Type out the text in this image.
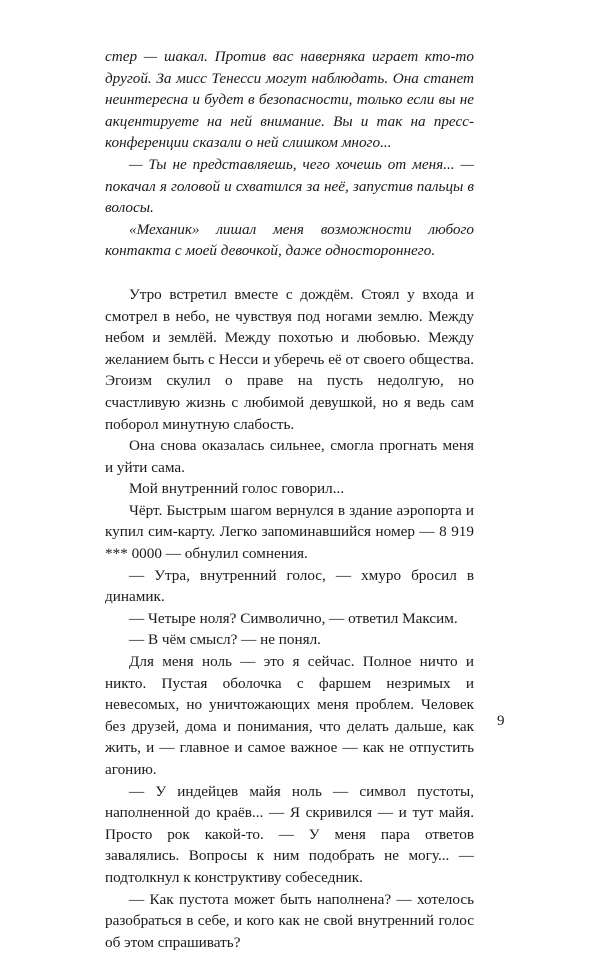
стер — шакал. Против вас наверняка играет кто-то другой. За мисс Тенесси могут наблюдать. Она станет неинтересна и будет в безопасности, только если вы не акцентируете на ней внимание. Вы и так на пресс-конференции сказали о ней слишком много...

— Ты не представляешь, чего хочешь от меня... — покачал я головой и схватился за неё, запустив пальцы в волосы.

«Механик» лишал меня возможности любого контакта с моей девочкой, даже одностороннего.

Утро встретил вместе с дождём. Стоял у входа и смотрел в небо, не чувствуя под ногами землю. Между небом и землёй. Между похотью и любовью. Между желанием быть с Несси и уберечь её от своего общества. Эгоизм скулил о праве на пусть недолгую, но счастливую жизнь с любимой девушкой, но я ведь сам поборол минутную слабость.

Она снова оказалась сильнее, смогла прогнать меня и уйти сама.

Мой внутренний голос говорил...

Чёрт. Быстрым шагом вернулся в здание аэропорта и купил сим-карту. Легко запоминавшийся номер — 8 919 *** 0000 — обнулил сомнения.

— Утра, внутренний голос, — хмуро бросил в динамик.

— Четыре ноля? Символично, — ответил Максим.

— В чём смысл? — не понял.

Для меня ноль — это я сейчас. Полное ничто и никто. Пустая оболочка с фаршем незримых и невесомых, но уничтожающих меня проблем. Человек без друзей, дома и понимания, что делать дальше, как жить, и — главное и самое важное — как не отпустить агонию.

— У индейцев майя ноль — символ пустоты, наполненной до краёв... — Я скривился — и тут майя. Просто рок какой-то. — У меня пара ответов завалялись. Вопросы к ним подобрать не могу... — подтолкнул к конструктиву собеседник.

— Как пустота может быть наполнена? — хотелось разобраться в себе, и кого как не свой внутренний голос об этом спрашивать?

9
